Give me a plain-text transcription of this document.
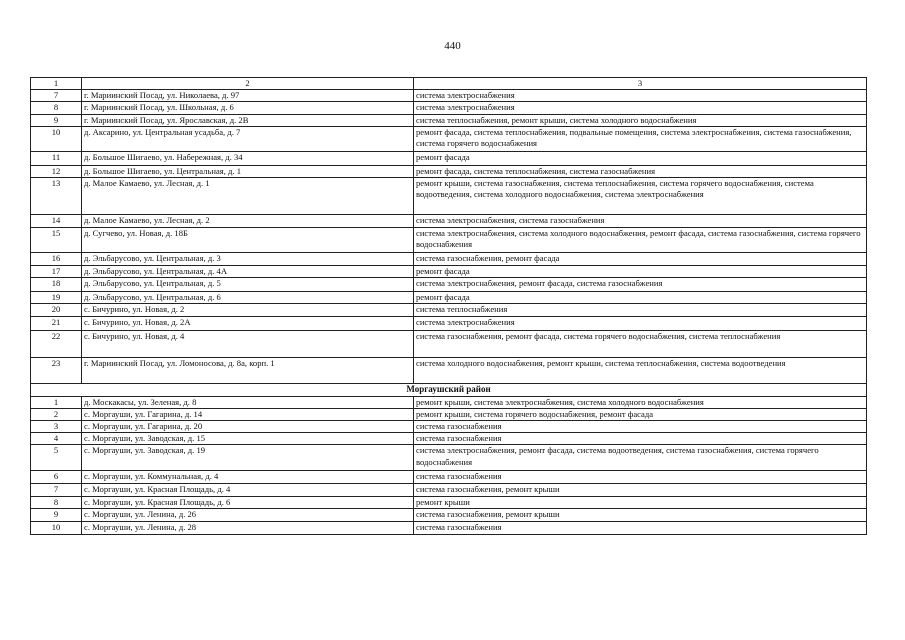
440
1	2	3
7	г. Мариинский Посад, ул. Николаева, д. 97	система электроснабжения
8	г. Мариинский Посад, ул. Школьная, д. 6	система электроснабжения
9	г. Мариинский Посад, ул. Ярославская, д. 2В	система теплоснабжения, ремонт крыши, система холодного водоснабжения
10	д. Аксарино, ул. Центральная усадьба, д. 7	ремонт фасада, система теплоснабжения, подвальные помещения, система электроснабжения, система газоснабжения, система горячего водоснабжения
11	д. Большое Шигаево, ул. Набережная, д. 34	ремонт фасада
12	д. Большое Шигаево, ул. Центральная, д. 1	ремонт фасада, система теплоснабжения, система газоснабжения
13	д. Малое Камаево, ул. Лесная, д. 1	ремонт крыши, система газоснабжения, система теплоснабжения, система горячего водоснабжения, система водоотведения, система холодного водоснабжения, система электроснабжения
14	д. Малое Камаево, ул. Лесная, д. 2	система электроснабжения, система газоснабжения
15	д. Сугчево, ул. Новая, д. 18Б	система электроснабжения, система холодного водоснабжения, ремонт фасада, система газоснабжения, система горячего водоснабжения
16	д. Эльбарусово, ул. Центральная, д. 3	система газоснабжения, ремонт фасада
17	д. Эльбарусово, ул. Центральная, д. 4А	ремонт фасада
18	д. Эльбарусово, ул. Центральная, д. 5	система электроснабжения, ремонт фасада, система газоснабжения
19	д. Эльбарусово, ул. Центральная, д. 6	ремонт фасада
20	с. Бичурино, ул. Новая, д. 2	система теплоснабжения
21	с. Бичурино, ул. Новая, д. 2А	система электроснабжения
22	с. Бичурино, ул. Новая, д. 4	система газоснабжения, ремонт фасада, система горячего водоснабжения, система теплоснабжения
23	г. Мариинский Посад, ул. Ломоносова, д. 8а, корп. 1	система холодного водоснабжения, ремонт крыши, система теплоснабжения, система водоотведения
Моргаушский район		
1	д. Москакасы, ул. Зеленая, д. 8	ремонт крыши, система электроснабжения, система холодного водоснабжения
2	с. Моргауши, ул. Гагарина, д. 14	ремонт крыши, система горячего водоснабжения, ремонт фасада
3	с. Моргауши, ул. Гагарина, д. 20	система газоснабжения
4	с. Моргауши, ул. Заводская, д. 15	система газоснабжения
5	с. Моргауши, ул. Заводская, д. 19	система электроснабжения, ремонт фасада, система водоотведения, система газоснабжения, система горячего водоснабжения
6	с. Моргауши, ул. Коммунальная, д. 4	система газоснабжения
7	с. Моргауши, ул. Красная Площадь, д. 4	система газоснабжения, ремонт крыши
8	с. Моргауши, ул. Красная Площадь, д. 6	ремонт крыши
9	с. Моргауши, ул. Ленина, д. 26	система газоснабжения, ремонт крыши
10	с. Моргауши, ул. Ленина, д. 28	система газоснабжения
